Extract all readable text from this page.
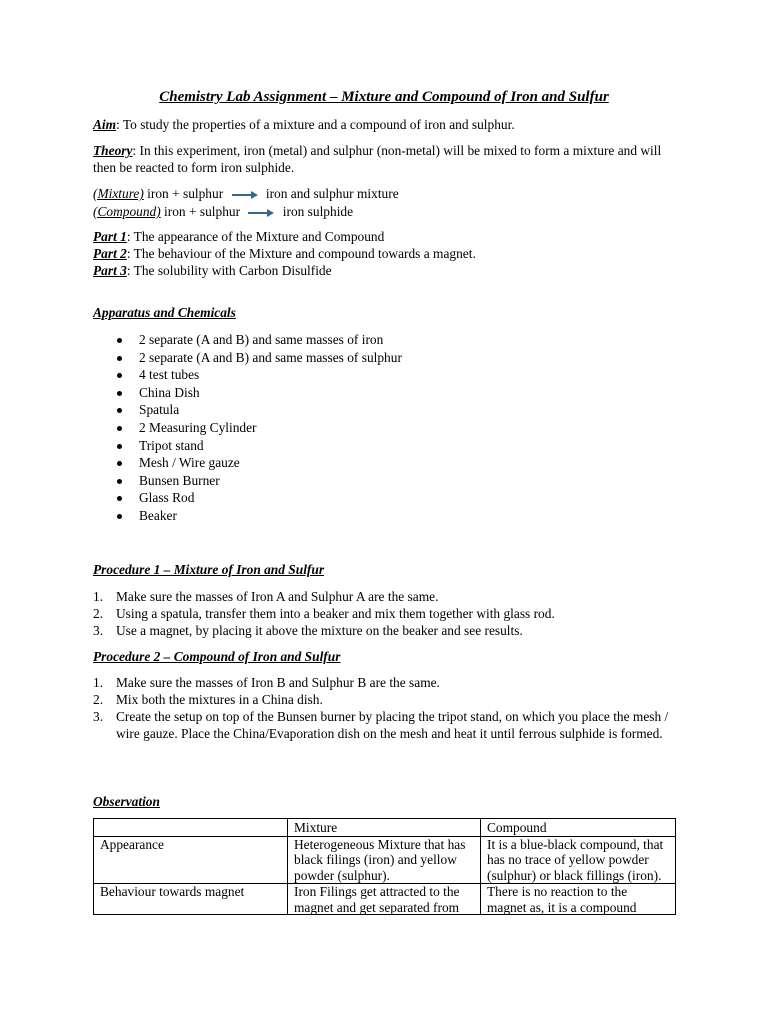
Chemistry Lab Assignment – Mixture and Compound of Iron and Sulfur
Aim: To study the properties of a mixture and a compound of iron and sulphur.
Theory: In this experiment, iron (metal) and sulphur (non-metal) will be mixed to form a mixture and will then be reacted to form iron sulphide.
(Mixture) iron + sulphur	iron and sulphur mixture
(Compound) iron + sulphur	iron sulphide
Part 1: The appearance of the Mixture and Compound
Part 2: The behaviour of the Mixture and compound towards a magnet.
Part 3: The solubility with Carbon Disulfide
Apparatus and Chemicals
2 separate (A and B) and same masses of iron
2 separate (A and B) and same masses of sulphur
4 test tubes
China Dish
Spatula
2 Measuring Cylinder
Tripot stand
Mesh / Wire gauze
Bunsen Burner
Glass Rod
Beaker
Procedure 1 – Mixture of Iron and Sulfur
1. Make sure the masses of Iron A and Sulphur A are the same.
2. Using a spatula, transfer them into a beaker and mix them together with glass rod.
3. Use a magnet, by placing it above the mixture on the beaker and see results.
Procedure 2 – Compound of Iron and Sulfur
1. Make sure the masses of Iron B and Sulphur B are the same.
2. Mix both the mixtures in a China dish.
3. Create the setup on top of the Bunsen burner by placing the tripot stand, on which you place the mesh / wire gauze. Place the China/Evaporation dish on the mesh and heat it until ferrous sulphide is formed.
Observation
	Mixture	Compound
Appearance	Heterogeneous Mixture that has black filings (iron) and yellow powder (sulphur).	It is a blue-black compound, that has no trace of yellow powder (sulphur) or black fillings (iron).

Behaviour towards magnet	Iron Filings get attracted to the magnet and get separated from	There is no reaction to the magnet as, it is a compound
